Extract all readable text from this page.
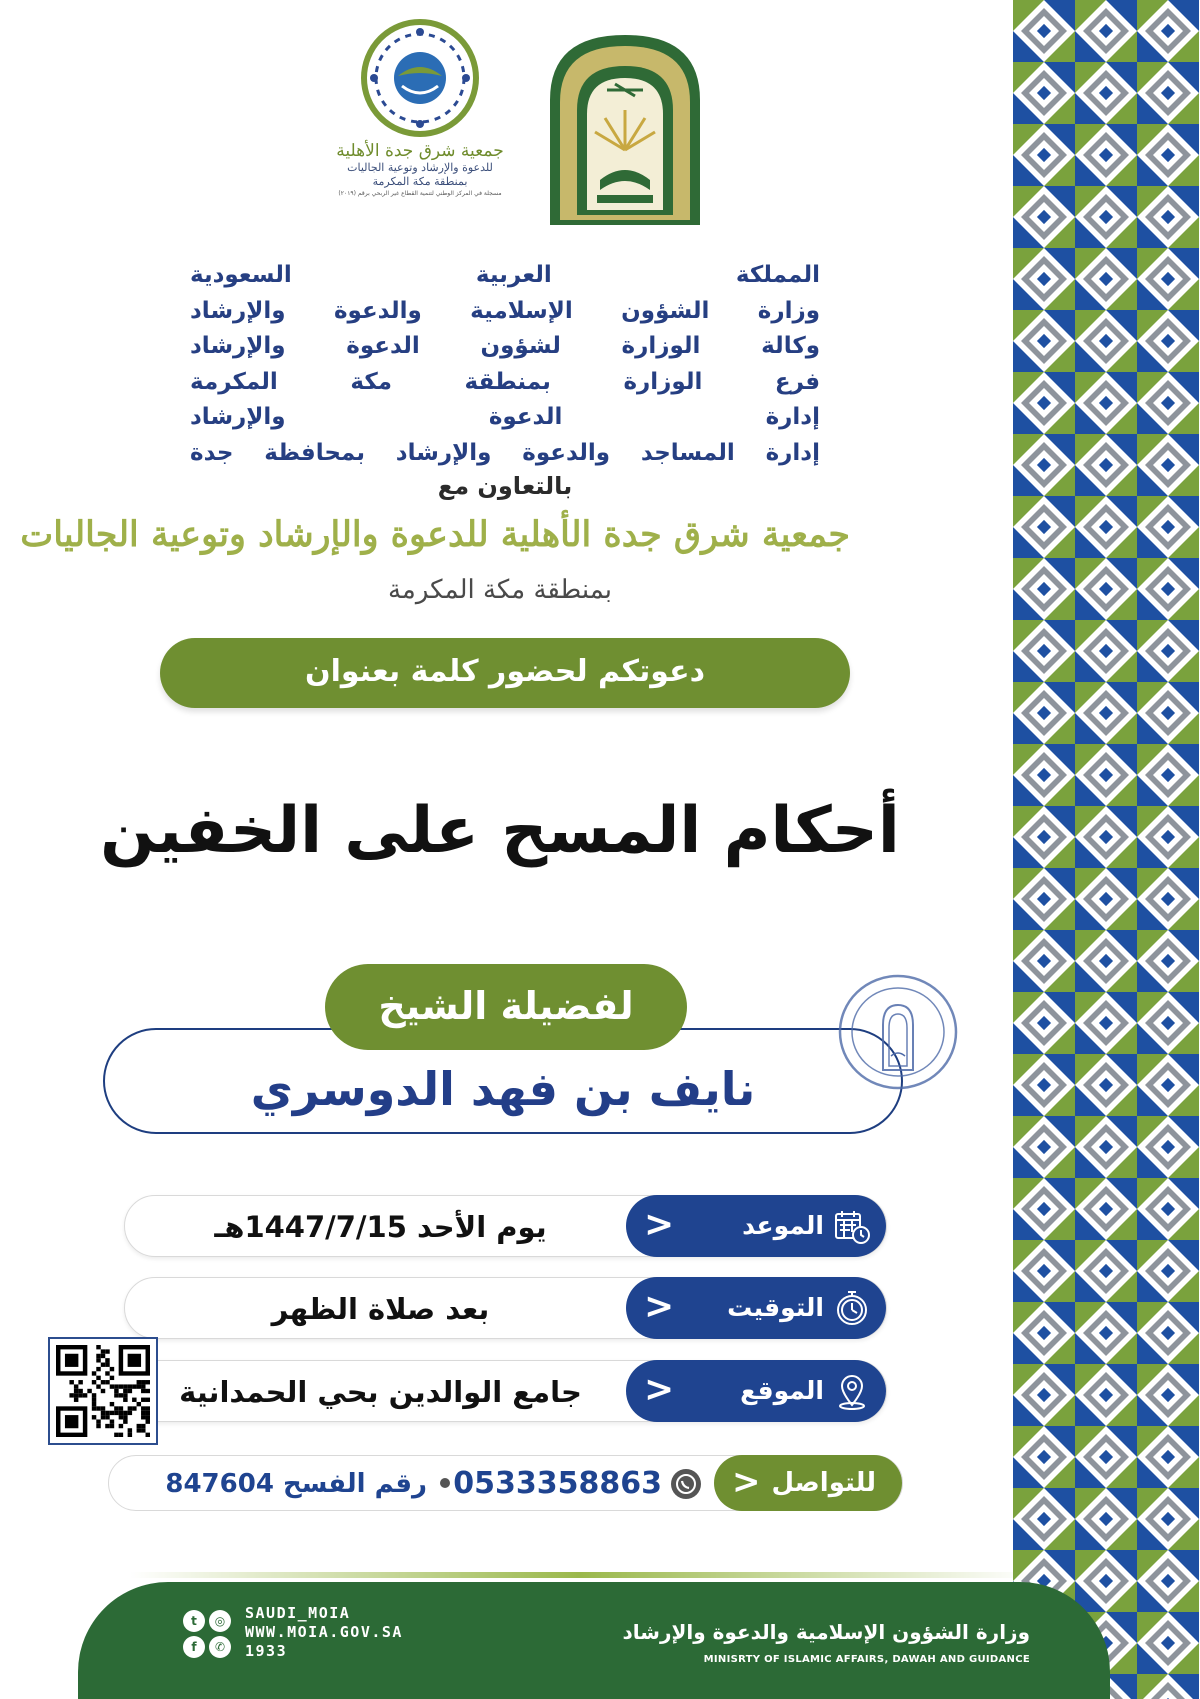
جمعية شرق جدة الأهلية
للدعوة والإرشاد وتوعية الجاليات
بمنطقة مكة المكرمة
مسجلة في المركز الوطني لتنمية القطاع غير الربحي برقم (٢٠١٩)
المملكة العربية السعودية
وزارة الشؤون الإسلامية والدعوة والإرشاد
وكالة الوزارة لشؤون الدعوة والإرشاد
فرع الوزارة بمنطقة مكة المكرمة
إدارة الدعوة والإرشاد
إدارة المساجد والدعوة والإرشاد بمحافظة جدة
بالتعاون مع
جمعية شرق جدة الأهلية للدعوة والإرشاد وتوعية الجاليات
بمنطقة مكة المكرمة
دعوتكم لحضور كلمة بعنوان
أحكام المسح على الخفين
نايف بن فهد الدوسري
لفضيلة الشيخ
يوم الأحد 1447/7/15هـ	الموعد
<
بعد صلاة الظهر	التوقيت
<
جامع الوالدين بحي الحمدانية	الموقع
<
للتواصل
<
0533358863
رقم الفسح 847604
وزارة الشؤون الإسلامية والدعوة والإرشاد
MINISRTY OF ISLAMIC AFFAIRS, DAWAH AND GUIDANCE
t	◎
f	✆
SAUDI_MOIA
WWW.MOIA.GOV.SA
1933
